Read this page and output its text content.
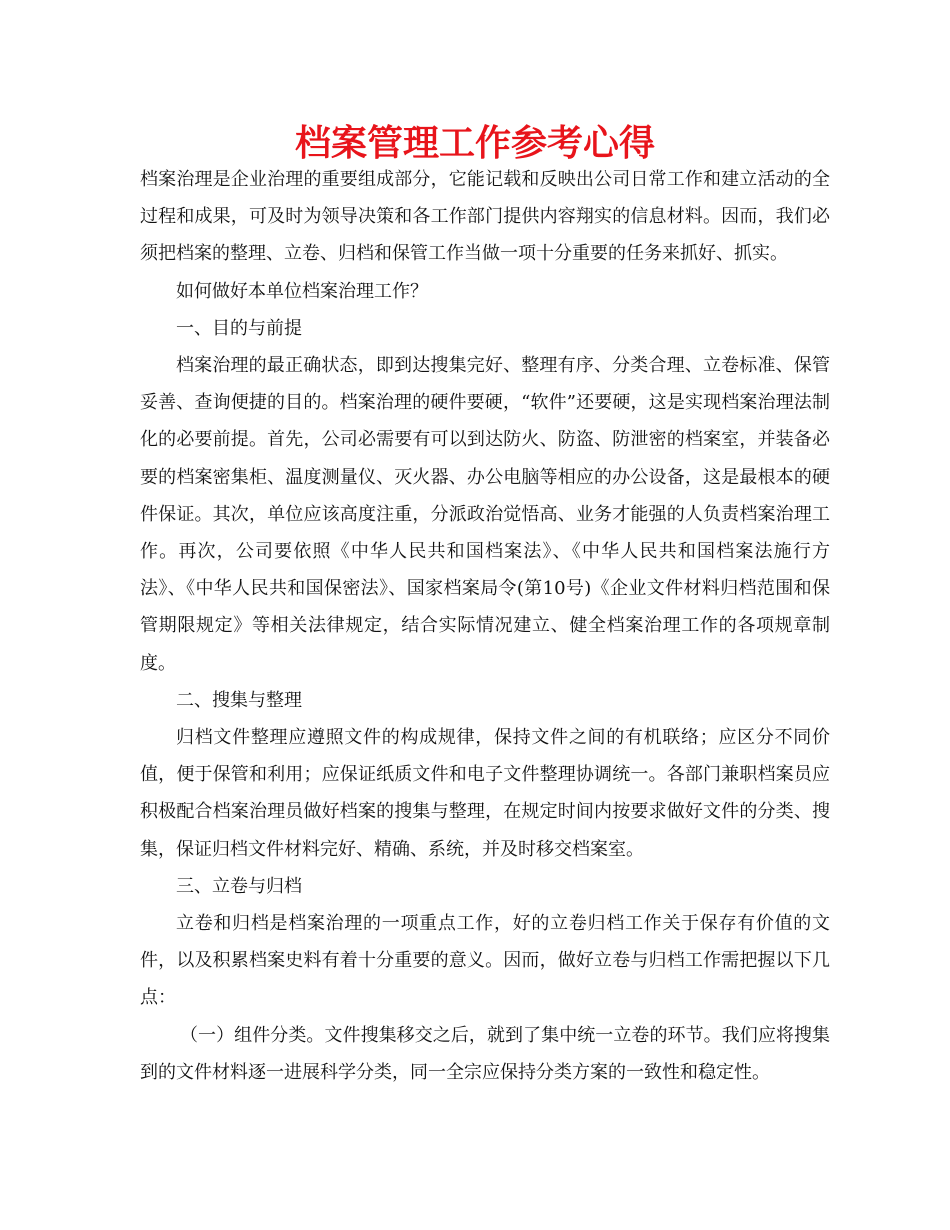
档案管理工作参考心得

档案治理是企业治理的重要组成部分，它能记载和反映出公司日常工作和建立活动的全过程和成果，可及时为领导决策和各工作部门提供内容翔实的信息材料。因而，我们必须把档案的整理、立卷、归档和保管工作当做一项十分重要的任务来抓好、抓实。

如何做好本单位档案治理工作？

一、目的与前提

档案治理的最正确状态，即到达搜集完好、整理有序、分类合理、立卷标准、保管妥善、查询便捷的目的。档案治理的硬件要硬，“软件”还要硬，这是实现档案治理法制化的必要前提。首先，公司必需要有可以到达防火、防盗、防泄密的档案室，并装备必要的档案密集柜、温度测量仪、灭火器、办公电脑等相应的办公设备，这是最根本的硬件保证。其次，单位应该高度注重，分派政治觉悟高、业务才能强的人负责档案治理工作。再次，公司要依照《中华人民共和国档案法》、《中华人民共和国档案法施行方法》、《中华人民共和国保密法》、国家档案局令(第10号)《企业文件材料归档范围和保管期限规定》等相关法律规定，结合实际情况建立、健全档案治理工作的各项规章制度。

二、搜集与整理

归档文件整理应遵照文件的构成规律，保持文件之间的有机联络；应区分不同价值，便于保管和利用；应保证纸质文件和电子文件整理协调统一。各部门兼职档案员应积极配合档案治理员做好档案的搜集与整理，在规定时间内按要求做好文件的分类、搜集，保证归档文件材料完好、精确、系统，并及时移交档案室。

三、立卷与归档

立卷和归档是档案治理的一项重点工作，好的立卷归档工作关于保存有价值的文件，以及积累档案史料有着十分重要的意义。因而，做好立卷与归档工作需把握以下几点：

（一）组件分类。文件搜集移交之后，就到了集中统一立卷的环节。我们应将搜集到的文件材料逐一进展科学分类，同一全宗应保持分类方案的一致性和稳定性。
